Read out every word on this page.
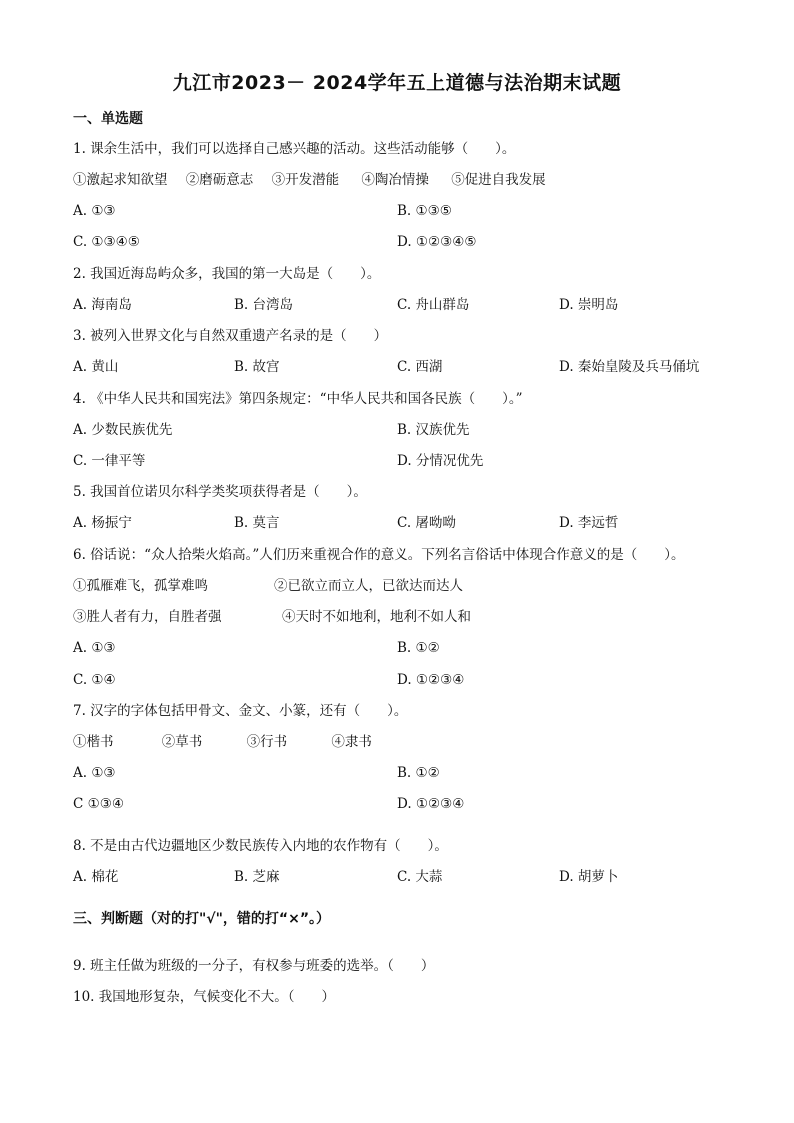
九江市2023－ 2024学年五上道德与法治期末试题
一、单选题
1. 课余生活中，我们可以选择自己感兴趣的活动。这些活动能够（　　）。
①激起求知欲望 ②磨砺意志 ③开发潜能 ④陶冶情操 ⑤促进自我发展
A. ①③	B. ①③⑤
C. ①③④⑤	D. ①②③④⑤
2. 我国近海岛屿众多，我国的第一大岛是（　　）。
A. 海南岛	B. 台湾岛	C. 舟山群岛	D. 崇明岛
3. 被列入世界文化与自然双重遗产名录的是（　　）
A. 黄山	B. 故宫	C. 西湖	D. 秦始皇陵及兵马俑坑
4. 《中华人民共和国宪法》第四条规定：“中华人民共和国各民族（　　）。”
A. 少数民族优先	B. 汉族优先
C. 一律平等	D. 分情况优先
5. 我国首位诺贝尔科学类奖项获得者是（　　）。
A. 杨振宁	B. 莫言	C. 屠呦呦	D. 李远哲
6. 俗话说：“众人拾柴火焰高。”人们历来重视合作的意义。下列名言俗话中体现合作意义的是（　　）。
①孤雁难飞，孤掌难鸣	②已欲立而立人，已欲达而达人
③胜人者有力，自胜者强	④天时不如地利，地利不如人和
A. ①③	B. ①②
C. ①④	D. ①②③④
7. 汉字的字体包括甲骨文、金文、小篆，还有（　　）。
①楷书	②草书	③行书	④隶书
A. ①③	B. ①②
C ①③④	D. ①②③④
8. 不是由古代边疆地区少数民族传入内地的农作物有（　　）。
A. 棉花	B. 芝麻	C. 大蒜	D. 胡萝卜
三、判断题（对的打"√"，错的打“×”。）
9. 班主任做为班级的一分子，有权参与班委的选举。（　　）
10. 我国地形复杂，气候变化不大。（　　）
